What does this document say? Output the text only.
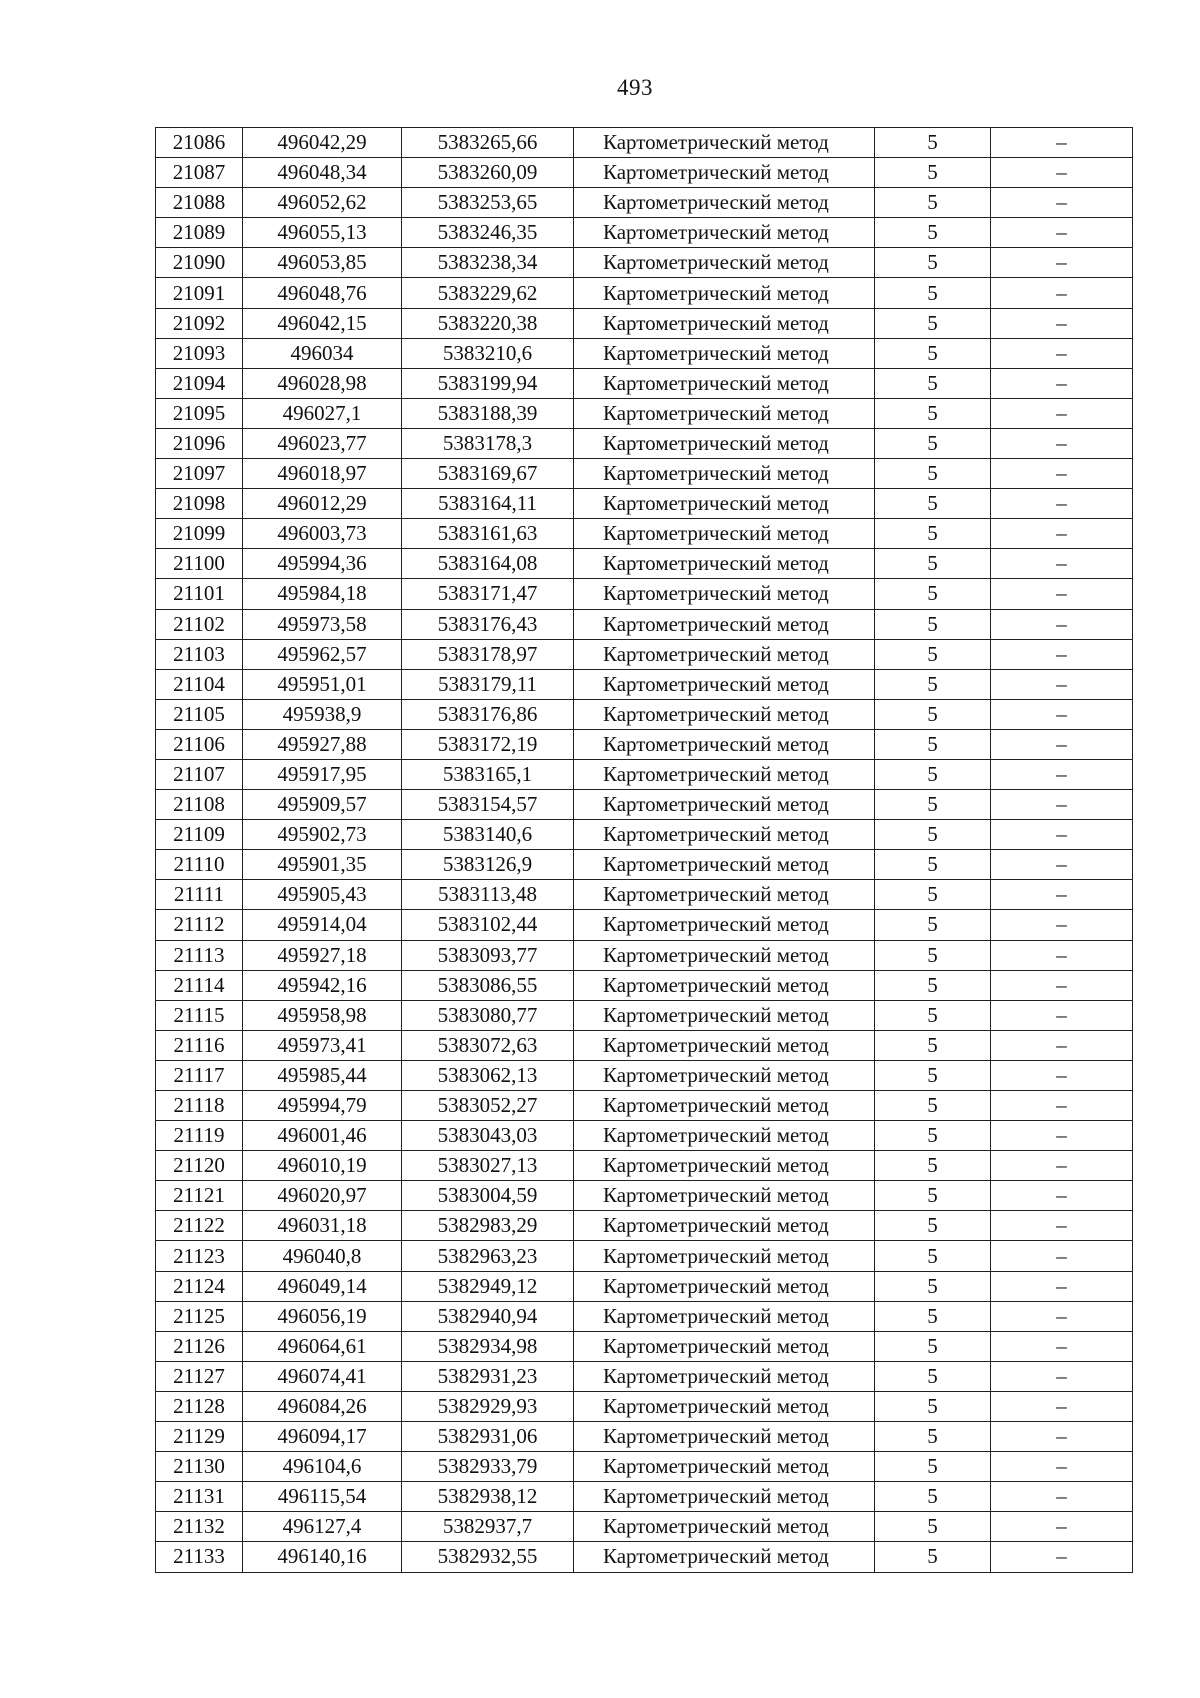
493
21086	496042,29	5383265,66	Картометрический метод	5	–
21087	496048,34	5383260,09	Картометрический метод	5	–
21088	496052,62	5383253,65	Картометрический метод	5	–
21089	496055,13	5383246,35	Картометрический метод	5	–
21090	496053,85	5383238,34	Картометрический метод	5	–
21091	496048,76	5383229,62	Картометрический метод	5	–
21092	496042,15	5383220,38	Картометрический метод	5	–
21093	496034	5383210,6	Картометрический метод	5	–
21094	496028,98	5383199,94	Картометрический метод	5	–
21095	496027,1	5383188,39	Картометрический метод	5	–
21096	496023,77	5383178,3	Картометрический метод	5	–
21097	496018,97	5383169,67	Картометрический метод	5	–
21098	496012,29	5383164,11	Картометрический метод	5	–
21099	496003,73	5383161,63	Картометрический метод	5	–
21100	495994,36	5383164,08	Картометрический метод	5	–
21101	495984,18	5383171,47	Картометрический метод	5	–
21102	495973,58	5383176,43	Картометрический метод	5	–
21103	495962,57	5383178,97	Картометрический метод	5	–
21104	495951,01	5383179,11	Картометрический метод	5	–
21105	495938,9	5383176,86	Картометрический метод	5	–
21106	495927,88	5383172,19	Картометрический метод	5	–
21107	495917,95	5383165,1	Картометрический метод	5	–
21108	495909,57	5383154,57	Картометрический метод	5	–
21109	495902,73	5383140,6	Картометрический метод	5	–
21110	495901,35	5383126,9	Картометрический метод	5	–
21111	495905,43	5383113,48	Картометрический метод	5	–
21112	495914,04	5383102,44	Картометрический метод	5	–
21113	495927,18	5383093,77	Картометрический метод	5	–
21114	495942,16	5383086,55	Картометрический метод	5	–
21115	495958,98	5383080,77	Картометрический метод	5	–
21116	495973,41	5383072,63	Картометрический метод	5	–
21117	495985,44	5383062,13	Картометрический метод	5	–
21118	495994,79	5383052,27	Картометрический метод	5	–
21119	496001,46	5383043,03	Картометрический метод	5	–
21120	496010,19	5383027,13	Картометрический метод	5	–
21121	496020,97	5383004,59	Картометрический метод	5	–
21122	496031,18	5382983,29	Картометрический метод	5	–
21123	496040,8	5382963,23	Картометрический метод	5	–
21124	496049,14	5382949,12	Картометрический метод	5	–
21125	496056,19	5382940,94	Картометрический метод	5	–
21126	496064,61	5382934,98	Картометрический метод	5	–
21127	496074,41	5382931,23	Картометрический метод	5	–
21128	496084,26	5382929,93	Картометрический метод	5	–
21129	496094,17	5382931,06	Картометрический метод	5	–
21130	496104,6	5382933,79	Картометрический метод	5	–
21131	496115,54	5382938,12	Картометрический метод	5	–
21132	496127,4	5382937,7	Картометрический метод	5	–
21133	496140,16	5382932,55	Картометрический метод	5	–
